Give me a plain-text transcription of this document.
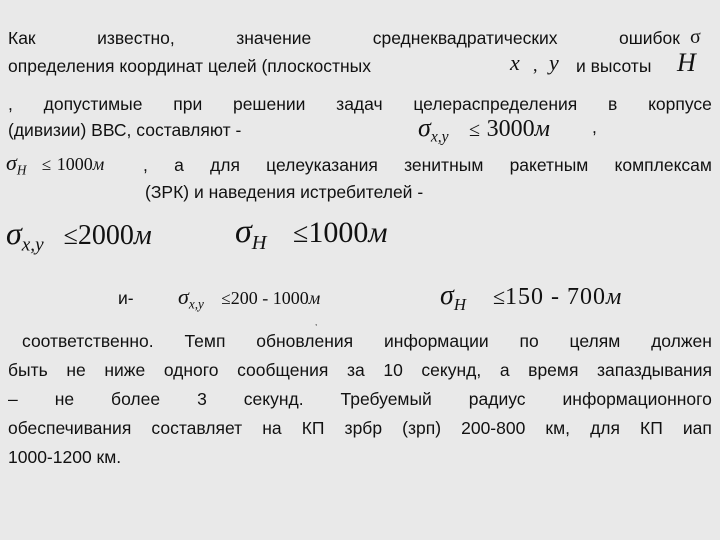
Как	известно,	значение	среднеквадратических	ошибок σ
определения координат целей (плоскостных	x , y и высоты H
, допустимые при решении задач целераспределения в корпусе
(дивизии) ВВС, составляют -	$\sigma_{x,y} \le 3000м$ ,
$\sigma_H \le 1000м$ , а для целеуказания зенитным ракетным комплексам
(ЗРК) и наведения истребителей -
$\sigma_{x,y} \le 2000м$ $\sigma_H \le 1000м$
и- $\sigma_{x,y} \le 200 - 1000м$	$\sigma_H \le 150 - 700м$
,
соответственно. Темп обновления информации по целям должен
быть не ниже одного сообщения за 10 секунд, а время запаздывания
– не более 3 секунд. Требуемый радиус информационного
обеспечивания составляет на КП зрбр (зрп) 200-800 км, для КП иап
1000-1200 км.
